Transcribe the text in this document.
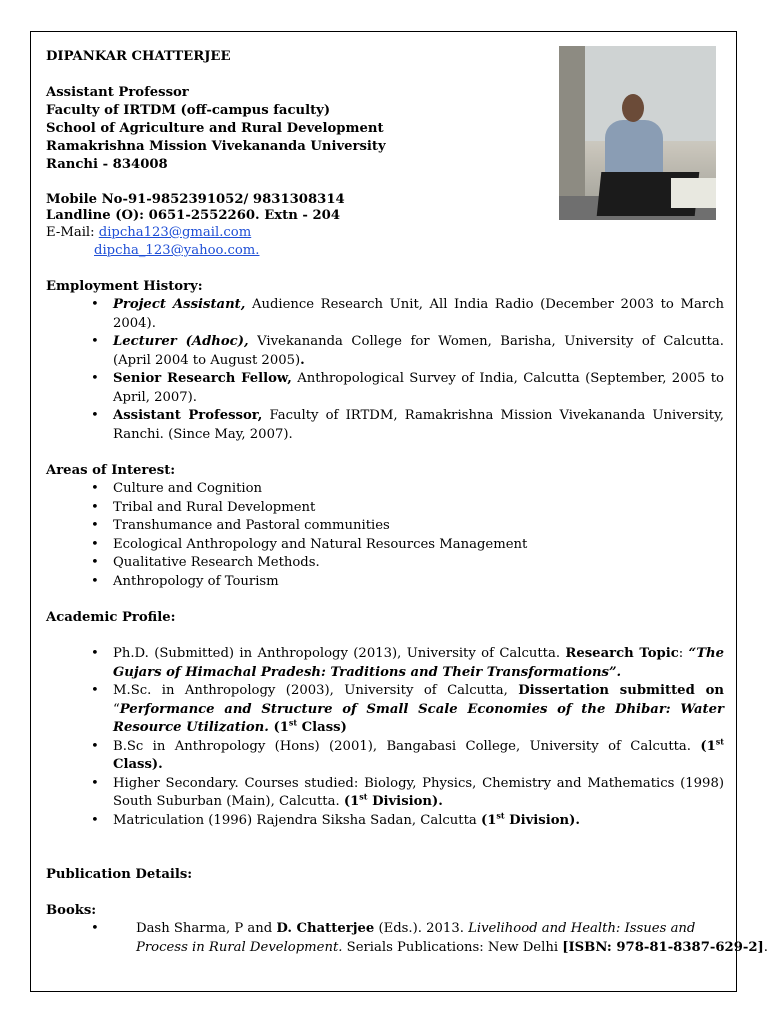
DIPANKAR CHATTERJEE
Assistant Professor
Faculty of IRTDM (off-campus faculty)
School of Agriculture and Rural Development
Ramakrishna Mission Vivekananda University
Ranchi - 834008
Mobile No-91-9852391052/ 9831308314
Landline (O): 0651-2552260. Extn - 204
E-Mail: dipcha123@gmail.com
dipcha_123@yahoo.com.
Employment History:
• Project Assistant, Audience Research Unit, All India Radio (December 2003 to March 2004).
• Lecturer (Adhoc), Vivekananda College for Women, Barisha, University of Calcutta. (April 2004 to August 2005).
• Senior Research Fellow, Anthropological Survey of India, Calcutta (September, 2005 to April, 2007).
• Assistant Professor, Faculty of IRTDM, Ramakrishna Mission Vivekananda University, Ranchi. (Since May, 2007).
Areas of Interest:
• Culture and Cognition
• Tribal and Rural Development
• Transhumance and Pastoral communities
• Ecological Anthropology and Natural Resources Management
• Qualitative Research Methods.
• Anthropology of Tourism
Academic Profile:
• Ph.D. (Submitted) in Anthropology (2013), University of Calcutta. Research Topic: “The Gujars of Himachal Pradesh: Traditions and Their Transformations”.
• M.Sc. in Anthropology (2003), University of Calcutta, Dissertation submitted on “Performance and Structure of Small Scale Economies of the Dhibar: Water Resource Utilization. (1st Class)
• B.Sc in Anthropology (Hons) (2001), Bangabasi College, University of Calcutta. (1st Class).
• Higher Secondary. Courses studied: Biology, Physics, Chemistry and Mathematics (1998) South Suburban (Main), Calcutta. (1st Division).
• Matriculation (1996) Rajendra Siksha Sadan, Calcutta (1st Division).
Publication Details:
Books:
•	Dash Sharma, P and D. Chatterjee (Eds.). 2013. Livelihood and Health: Issues and
Process in Rural Development. Serials Publications: New Delhi [ISBN: 978-81-8387-629-2].
